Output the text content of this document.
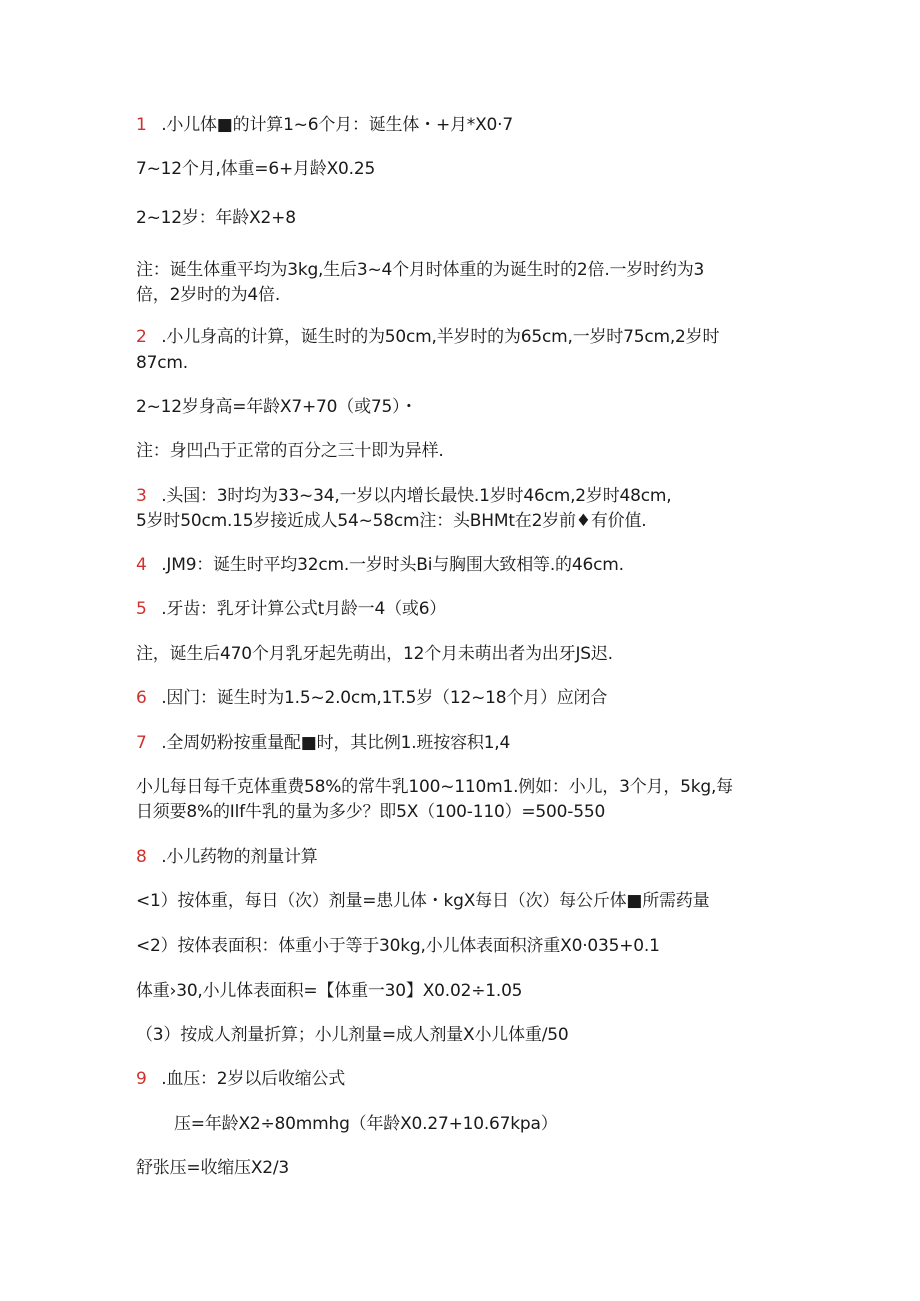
1 .小儿体■的计算1~6个月：诞生体・+月*X0·7
7~12个月,体重=6+月龄X0.25
2~12岁：年龄X2+8
注：诞生体重平均为3kg,生后3~4个月时体重的为诞生时的2倍.一岁时约为3
倍，2岁时的为4倍.
2 .小儿身高的计算，诞生时的为50cm,半岁时的为65cm,一岁时75cm,2岁时
87cm.
2~12岁身高=年龄X7+70（或75）・
注：身凹凸于正常的百分之三十即为异样.
3 .头国：3时均为33~34,一岁以内增长最快.1岁时46cm,2岁时48cm,
5岁时50cm.15岁接近成人54~58cm注：头BHMt在2岁前♦有价值.
4 .JM9：诞生时平均32cm.一岁时头Bi与胸围大致相等.的46cm.
5 .牙齿：乳牙计算公式t月龄一4（或6）
注，诞生后470个月乳牙起先萌出，12个月未萌出者为出牙JS迟.
6 .因门：诞生时为1.5~2.0cm,1T.5岁（12~18个月）应闭合
7 .全周奶粉按重量配■时，其比例1.班按容积1,4
小儿每日每千克体重费58%的常牛乳100~110m1.例如：小儿，3个月，5kg,每
日须要8%的Ilf牛乳的量为多少？即5X（100-110）=500-550
8 .小儿药物的剂量计算
<1）按体重，每日（次）剂量=患儿体・kgX每日（次）每公斤体■所需药量
<2）按体表面积：体重小于等于30kg,小儿体表面积济重X0·035+0.1
体重›30,小儿体表面积=【体重一30】X0.02÷1.05
（3）按成人剂量折算；小儿剂量=成人剂量X小儿体重/50
9 .血压：2岁以后收缩公式
压=年龄X2÷80mmhg（年龄X0.27+10.67kpa）
舒张压=收缩压X2/3
